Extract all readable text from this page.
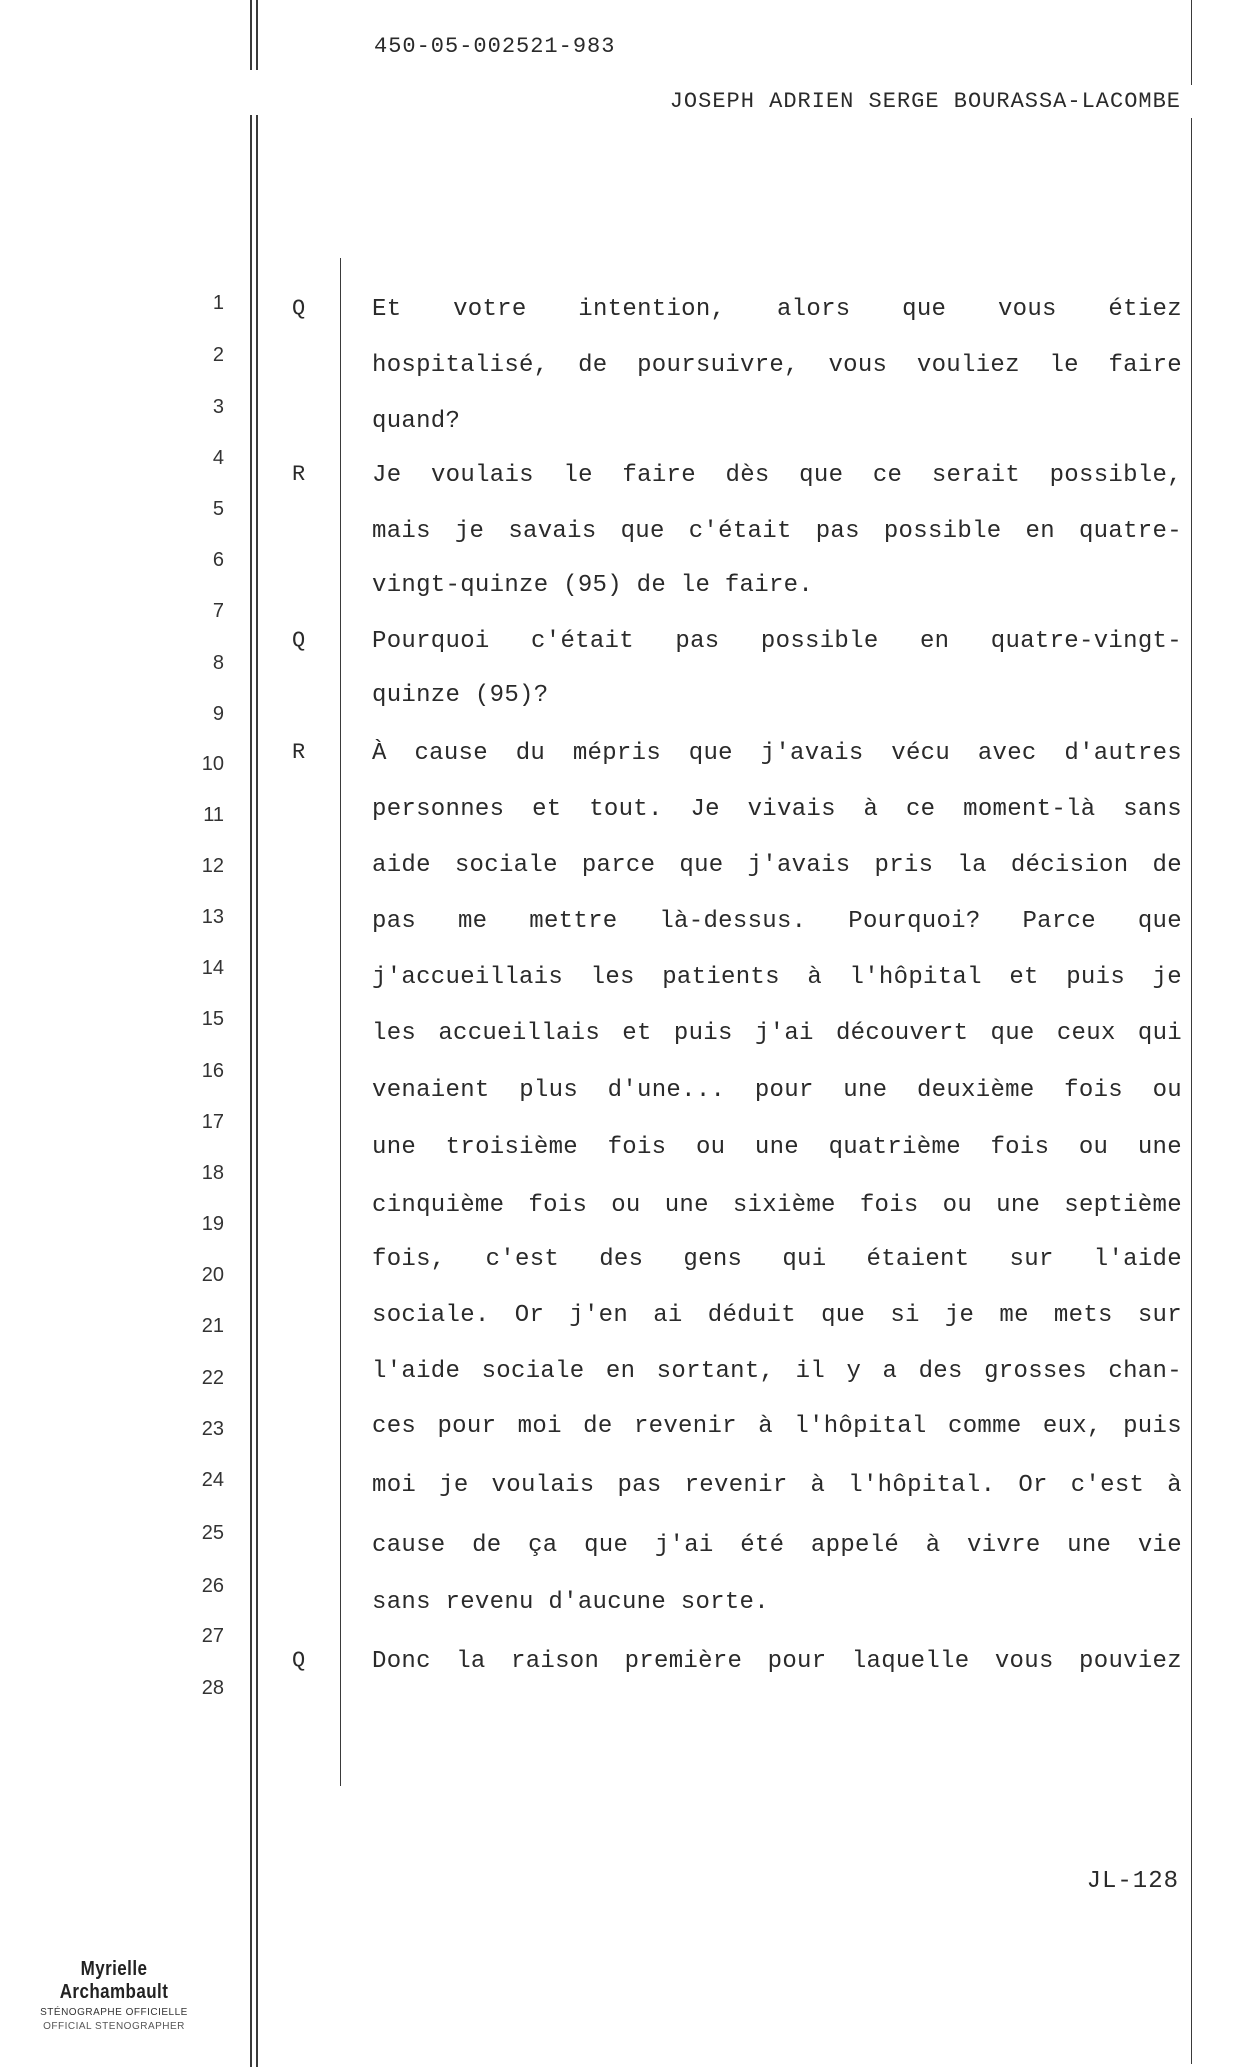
450-05-002521-983
JOSEPH ADRIEN SERGE BOURASSA-LACOMBE
1
2
3
4
5
6
7
8
9
10
11
12
13
14
15
16
17
18
19
20
21
22
23
24
25
26
27
28
Q
R
Q
R
Q
Et votre intention, alors que vous étiez
hospitalisé, de poursuivre, vous vouliez le faire
quand?
Je voulais le faire dès que ce serait possible,
mais je savais que c'était pas possible en quatre-
vingt-quinze (95) de le faire.
Pourquoi c'était pas possible en quatre-vingt-
quinze (95)?
À cause du mépris que j'avais vécu avec d'autres
personnes et tout. Je vivais à ce moment-là sans
aide sociale parce que j'avais pris la décision de
pas me mettre là-dessus. Pourquoi? Parce que
j'accueillais les patients à l'hôpital et puis je
les accueillais et puis j'ai découvert que ceux qui
venaient plus d'une... pour une deuxième fois ou
une troisième fois ou une quatrième fois ou une
cinquième fois ou une sixième fois ou une septième
fois, c'est des gens qui étaient sur l'aide
sociale. Or j'en ai déduit que si je me mets sur
l'aide sociale en sortant, il y a des grosses chan-
ces pour moi de revenir à l'hôpital comme eux, puis
moi je voulais pas revenir à l'hôpital. Or c'est à
cause de ça que j'ai été appelé à vivre une vie
sans revenu d'aucune sorte.
Donc la raison première pour laquelle vous pouviez
JL-128
Myrielle Archambault
STÉNOGRAPHE OFFICIELLE
OFFICIAL STENOGRAPHER
